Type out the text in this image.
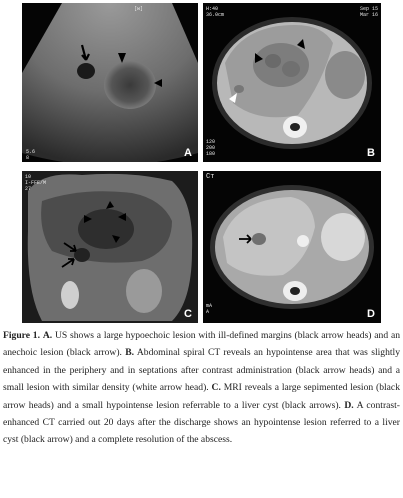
[w]
5.6
8	A
H:40
36.0cm
Sep 15
Mar 16
120
200
180	B
10
I-FFE/M
27
C
Cт
mA
A	D
Figure 1. A. US shows a large hypoechoic lesion with ill-defined margins (black arrow heads) and an anechoic lesion (black arrow). B. Abdominal spiral CT reveals an hypointense area that was slightly enhanced in the periphery and in septations after contrast administration (black arrow heads) and a small lesion with similar density (white arrow head). C. MRI reveals a large sepimented lesion (black arrow heads) and a small hypointense lesion referrable to a liver cyst (black arrows). D. A contrast-enhanced CT carried out 20 days after the discharge shows an hypointense lesion referred to a liver cyst (black arrow) and a complete resolution of the abscess.
